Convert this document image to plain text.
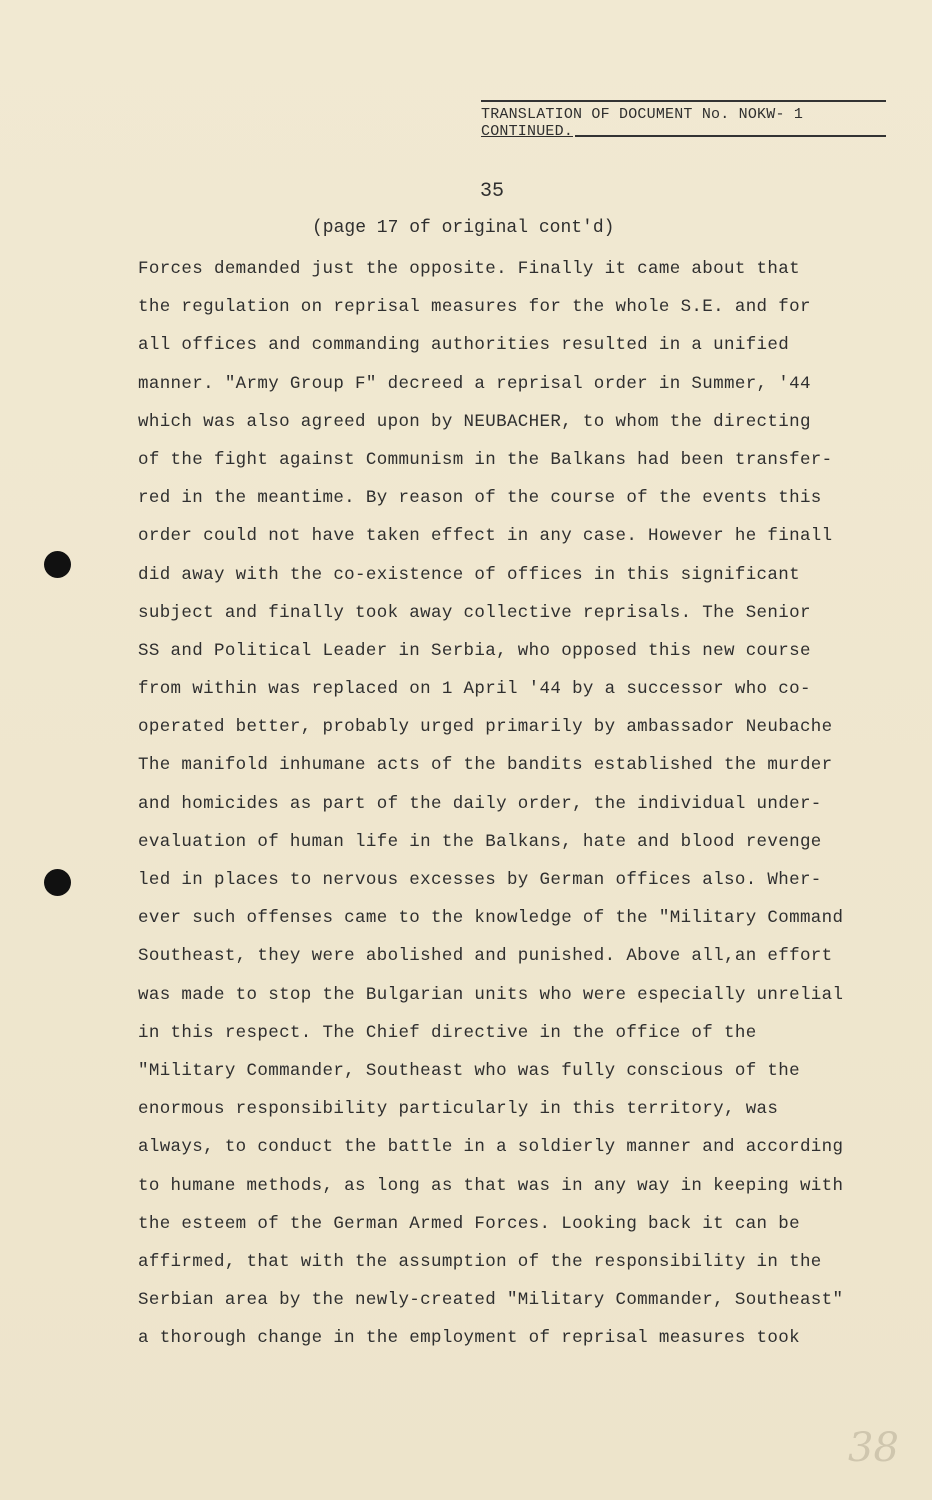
TRANSLATION OF DOCUMENT No. NOKW- 1
CONTINUED.
35
(page 17 of original cont'd)
Forces demanded just the opposite. Finally it came about that
the regulation on reprisal measures for the whole S.E. and for
all offices and commanding authorities resulted in a unified
manner. "Army Group F" decreed a reprisal order in Summer, '44
which was also agreed upon by NEUBACHER, to whom the directing
of the fight against Communism in the Balkans had been transfer-
red in the meantime. By reason of the course of the events this
order could not have taken effect in any case. However he finall
did away with the co-existence of offices in this significant
subject and finally took away collective reprisals. The Senior
SS and Political Leader in Serbia, who opposed this new course
from within was replaced on 1 April '44 by a successor who co-
operated better, probably urged primarily by ambassador Neubache
The manifold inhumane acts of the bandits established the murder
and homicides as part of the daily order, the individual under-
evaluation of human life in the Balkans, hate and blood revenge
led in places to nervous excesses by German offices also. Wher-
ever such offenses came to the knowledge of the "Military Command
Southeast, they were abolished and punished. Above all,an effort
was made to stop the Bulgarian units who were especially unrelial
in this respect. The Chief directive in the office of the
"Military Commander, Southeast who was fully conscious of the
enormous responsibility particularly in this territory, was
always, to conduct the battle in a soldierly manner and according
to humane methods, as long as that was in any way in keeping with
the esteem of the German Armed Forces. Looking back it can be
affirmed, that with the assumption of the responsibility in the
Serbian area by the newly-created "Military Commander, Southeast"
a thorough change in the employment of reprisal measures took
38
